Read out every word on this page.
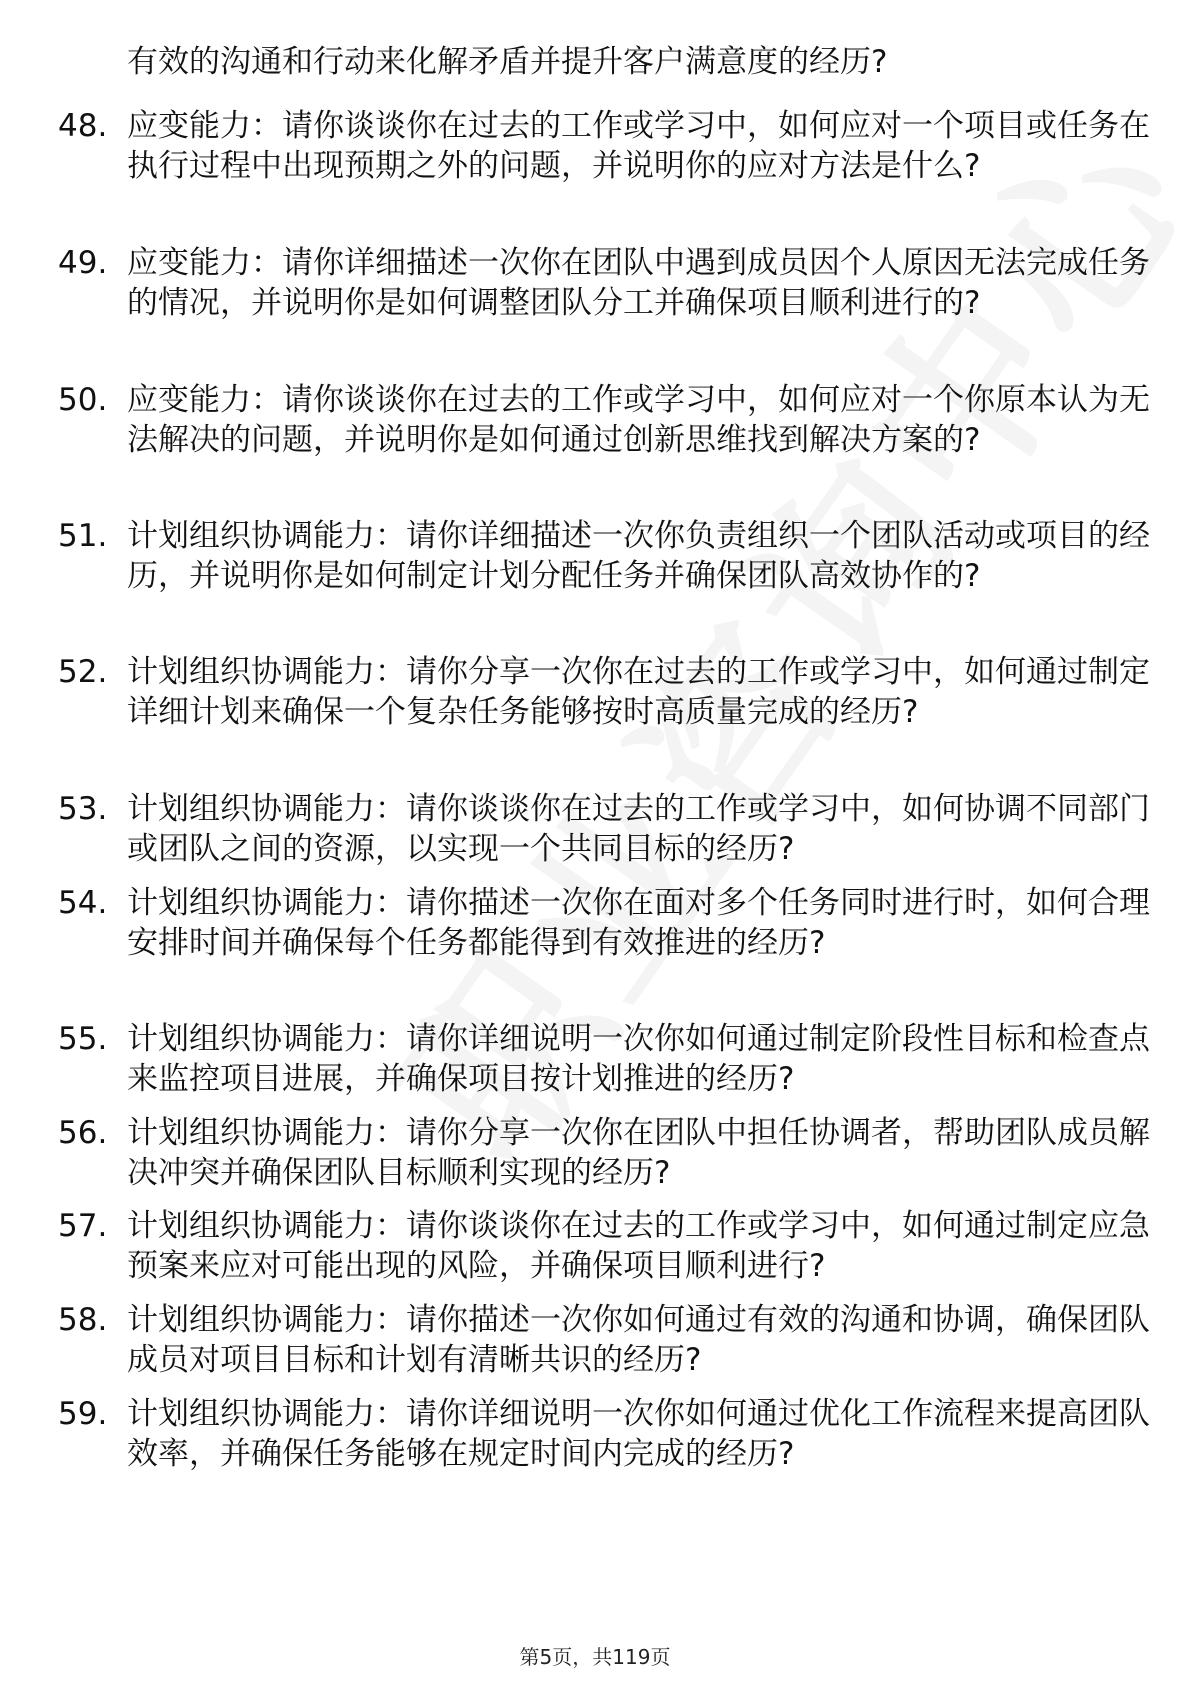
有效的沟通和行动来化解矛盾并提升客户满意度的经历?
48. 应变能力：请你谈谈你在过去的工作或学习中，如何应对一个项目或任务在执行过程中出现预期之外的问题，并说明你的应对方法是什么?
49. 应变能力：请你详细描述一次你在团队中遇到成员因个人原因无法完成任务的情况，并说明你是如何调整团队分工并确保项目顺利进行的?
50. 应变能力：请你谈谈你在过去的工作或学习中，如何应对一个你原本认为无法解决的问题，并说明你是如何通过创新思维找到解决方案的?
51. 计划组织协调能力：请你详细描述一次你负责组织一个团队活动或项目的经历，并说明你是如何制定计划分配任务并确保团队高效协作的?
52. 计划组织协调能力：请你分享一次你在过去的工作或学习中，如何通过制定详细计划来确保一个复杂任务能够按时高质量完成的经历?
53. 计划组织协调能力：请你谈谈你在过去的工作或学习中，如何协调不同部门或团队之间的资源，以实现一个共同目标的经历?
54. 计划组织协调能力：请你描述一次你在面对多个任务同时进行时，如何合理安排时间并确保每个任务都能得到有效推进的经历?
55. 计划组织协调能力：请你详细说明一次你如何通过制定阶段性目标和检查点来监控项目进展，并确保项目按计划推进的经历?
56. 计划组织协调能力：请你分享一次你在团队中担任协调者，帮助团队成员解决冲突并确保团队目标顺利实现的经历?
57. 计划组织协调能力：请你谈谈你在过去的工作或学习中，如何通过制定应急预案来应对可能出现的风险，并确保项目顺利进行?
58. 计划组织协调能力：请你描述一次你如何通过有效的沟通和协调，确保团队成员对项目目标和计划有清晰共识的经历?
59. 计划组织协调能力：请你详细说明一次你如何通过优化工作流程来提高团队效率，并确保任务能够在规定时间内完成的经历?
第5页，共119页
